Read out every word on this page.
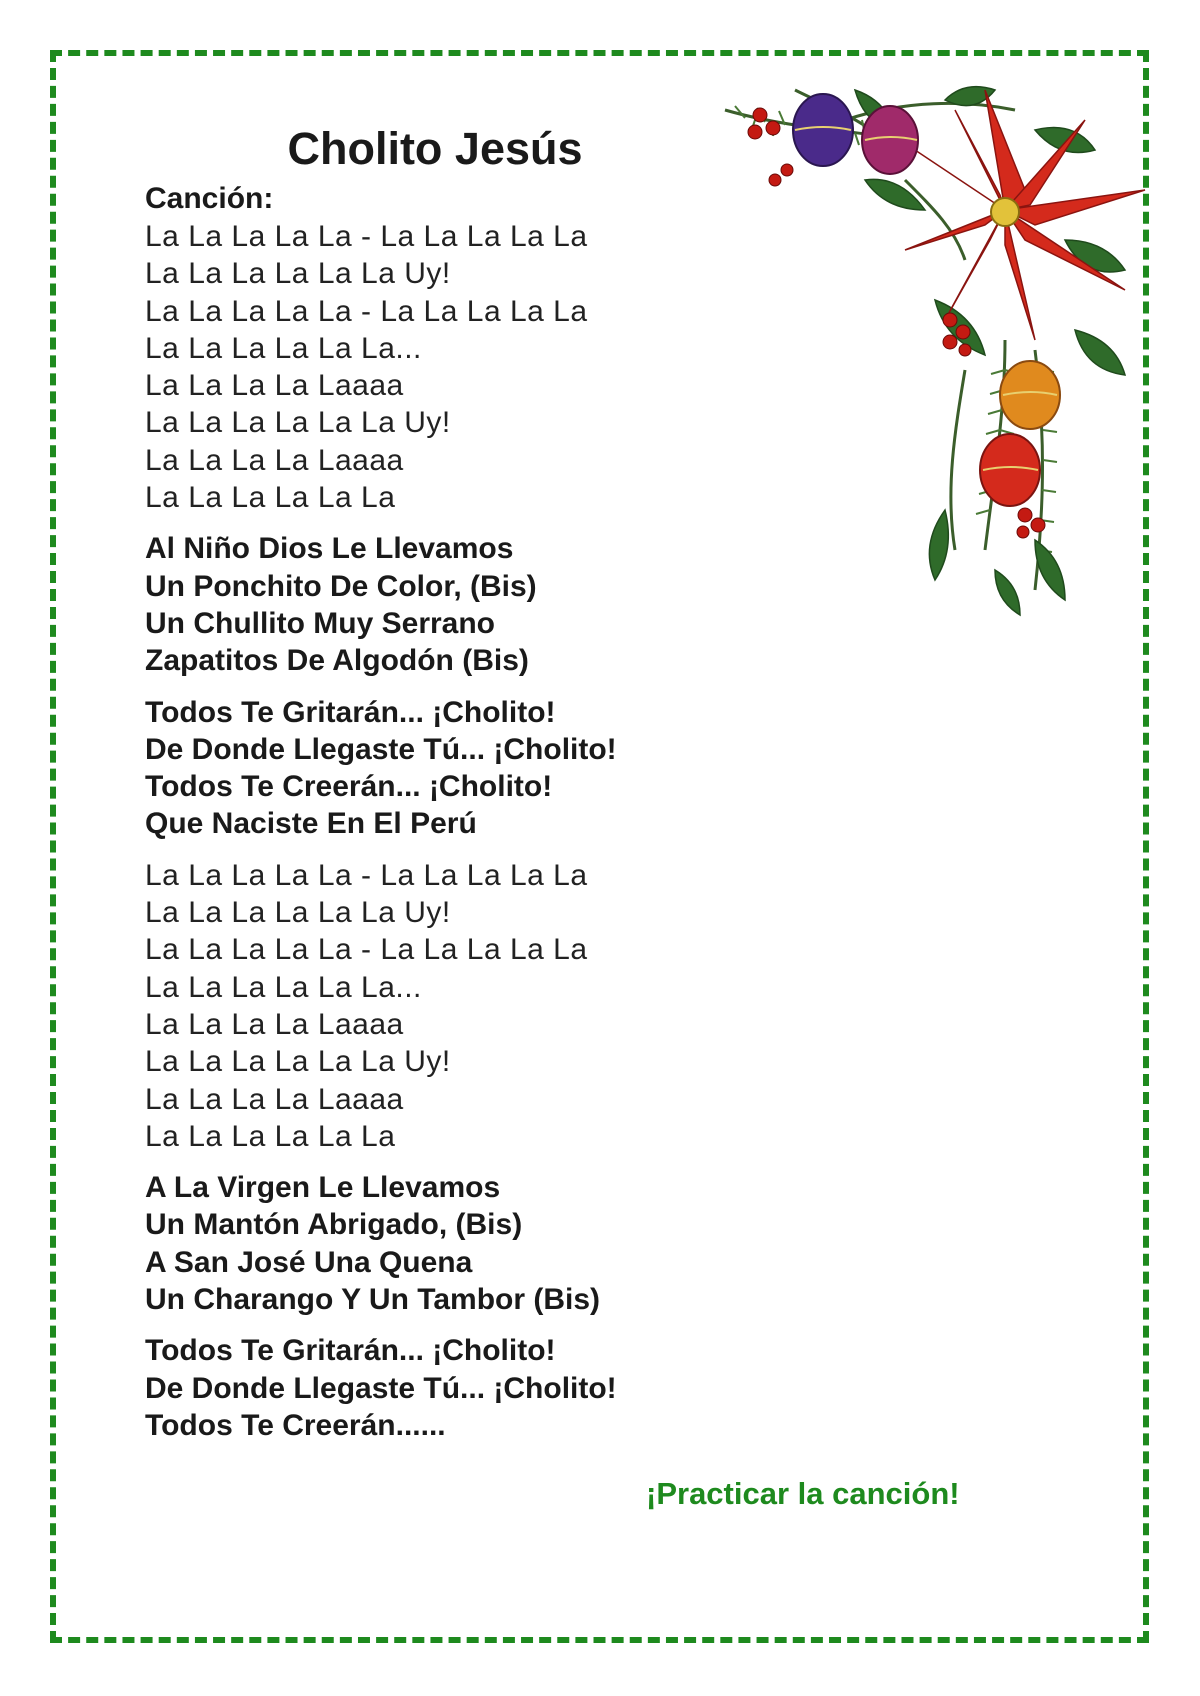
Cholito Jesús
Canción:
La La La La La - La La La La La
La La La La La La Uy!
La La La La La - La La La La La
La La La La La La...
La La La La Laaaa
La La La La La La Uy!
La La La La Laaaa
La La La La La La
Al Niño Dios Le Llevamos
Un Ponchito De Color, (Bis)
Un Chullito Muy Serrano
Zapatitos De Algodón (Bis)
Todos Te Gritarán... ¡Cholito!
De Donde Llegaste Tú... ¡Cholito!
Todos Te Creerán... ¡Cholito!
Que Naciste En El Perú
La La La La La - La La La La La
La La La La La La Uy!
La La La La La - La La La La La
La La La La La La...
La La La La Laaaa
La La La La La La Uy!
La La La La Laaaa
La La La La La La
A La Virgen Le Llevamos
Un Mantón Abrigado, (Bis)
A San José Una Quena
Un Charango Y Un Tambor (Bis)
Todos Te Gritarán... ¡Cholito!
De Donde Llegaste Tú... ¡Cholito!
Todos Te Creerán......
¡Practicar la canción!
